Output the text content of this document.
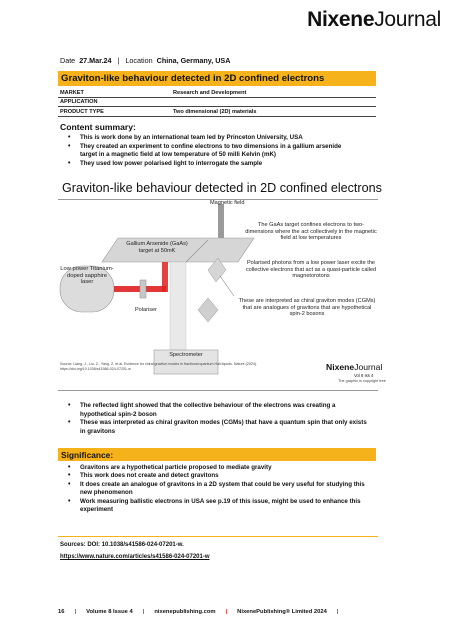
NixeneJournal
Date 27.Mar.24 | Location China, Germany, USA
Graviton-like behaviour detected in 2D confined electrons
MARKET	Research and Development
APPLICATION
PRODUCT TYPE	Two dimensional (2D) materials
Content summary:
• This is work done by an international team led by Princeton University, USA
• They created an experiment to confine electrons to two dimensions in a gallium arsenide target in a magnetic field at low temperature of 50 milli Kelvin (mK)
• They used low power polarised light to interrogate the sample
Graviton-like behaviour detected in 2D confined electrons
Magnetic field
Gallium Arsenide (GaAs) target at 50mK
Low power Titanium-doped sapphire laser
Polariser
Spectrometer
The GaAs target confines electrons to two-dimensions where the act collectively in the magnetic field at low temperatures
Polarised photons from a low power laser excite the collective electrons that act as a quasi-particle called magnetorotons
These are interpreted as chiral graviton modes (CGMs) that are analogues of gravitons that are hypothetical spin-2 bosons
Source: Liang, J., Liu, Z., Yang, Z. et al. Evidence for chiral graviton modes in fractional quantum Hall liquids. Nature (2024). https://doi.org/10.1038/s41586-024-07201-w	NixeneJournal
Vol 8 Iss 4
The graphic is copyright free
• The reflected light showed that the collective behaviour of the electrons was creating a hypothetical spin-2 boson
• These was interpreted as chiral graviton modes (CGMs) that have a quantum spin that only exists in gravitons
Significance:
• Gravitons are a hypothetical particle proposed to mediate gravity
• This work does not create and detect gravitons
• It does create an analogue of gravitons in a 2D system that could be very useful for studying this new phenomenon
• Work measuring ballistic electrons in USA see p.19 of this issue, might be used to enhance this experiment
Sources: DOI: 10.1038/s41586-024-07201-w.
https://www.nature.com/articles/s41586-024-07201-w
16 | Volume 8 Issue 4 | nixenepublishing.com | NixenePublishing® Limited 2024 |
